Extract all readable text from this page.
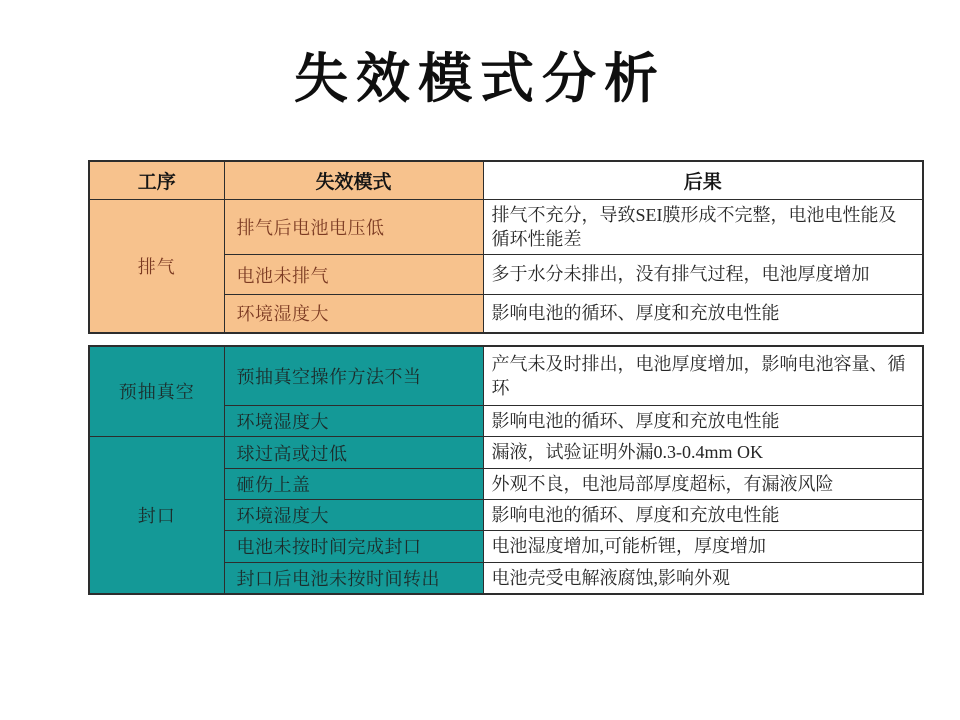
失效模式分析
工序	失效模式	后果
排气	排气后电池电压低	排气不充分，导致SEI膜形成不完整，电池电性能及循环性能差
	电池未排气	多于水分未排出，没有排气过程，电池厚度增加
	环境湿度大	影响电池的循环、厚度和充放电性能
预抽真空	预抽真空操作方法不当	产气未及时排出，电池厚度增加，影响电池容量、循环
	环境湿度大	影响电池的循环、厚度和充放电性能
封口	球过高或过低	漏液，试验证明外漏0.3-0.4mm OK
	砸伤上盖	外观不良，电池局部厚度超标，有漏液风险
	环境湿度大	影响电池的循环、厚度和充放电性能
	电池未按时间完成封口	电池湿度增加,可能析锂，厚度增加
	封口后电池未按时间转出	电池壳受电解液腐蚀,影响外观
